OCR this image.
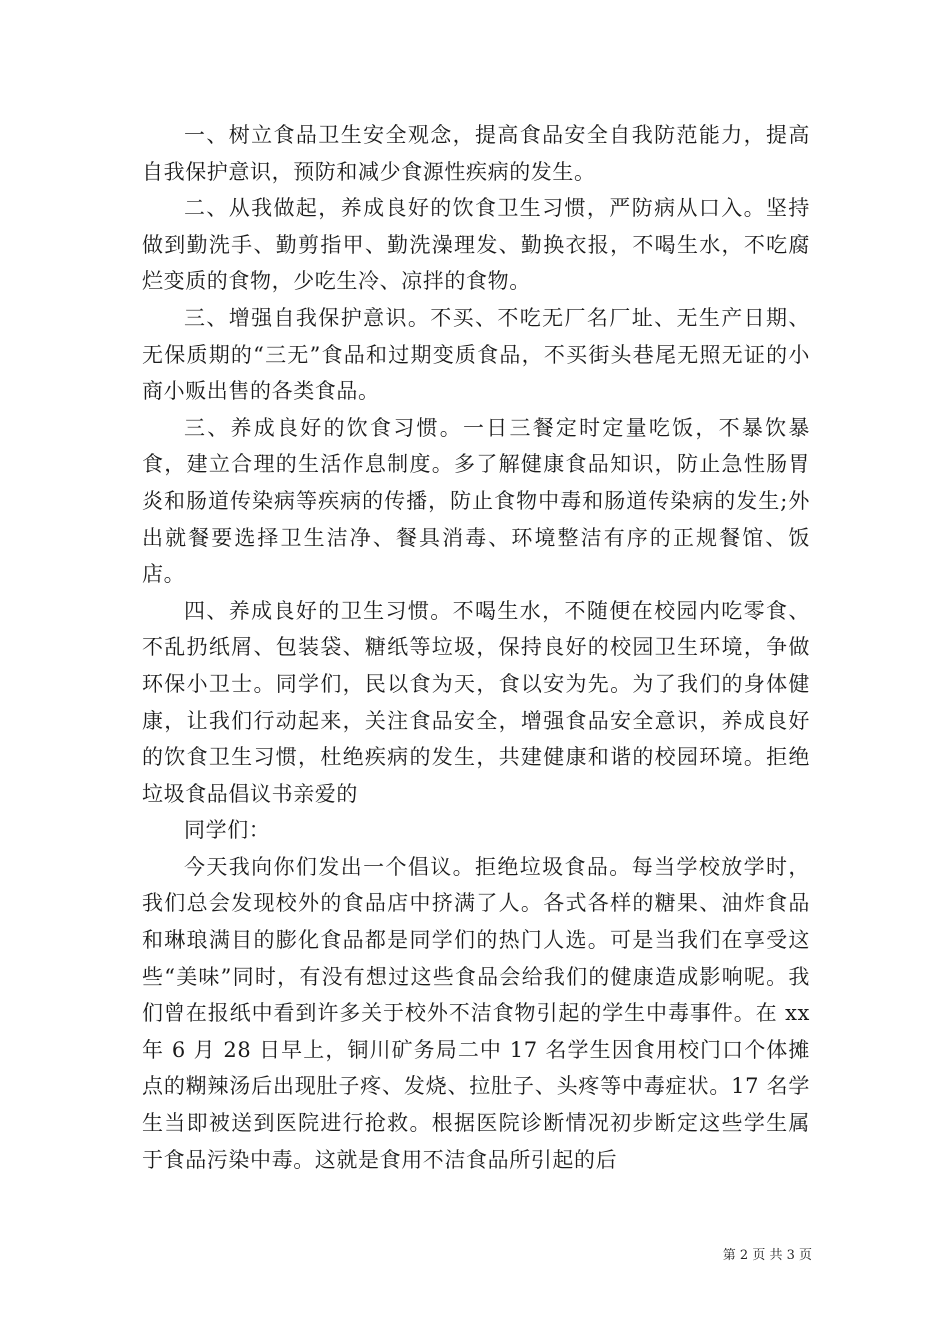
一、树立食品卫生安全观念，提高食品安全自我防范能力，提高自我保护意识，预防和减少食源性疾病的发生。

二、从我做起，养成良好的饮食卫生习惯，严防病从口入。坚持做到勤洗手、勤剪指甲、勤洗澡理发、勤换衣报，不喝生水，不吃腐烂变质的食物，少吃生冷、凉拌的食物。

三、增强自我保护意识。不买、不吃无厂名厂址、无生产日期、无保质期的“三无”食品和过期变质食品，不买街头巷尾无照无证的小商小贩出售的各类食品。

三、养成良好的饮食习惯。一日三餐定时定量吃饭，不暴饮暴食，建立合理的生活作息制度。多了解健康食品知识，防止急性肠胃炎和肠道传染病等疾病的传播，防止食物中毒和肠道传染病的发生;外出就餐要选择卫生洁净、餐具消毒、环境整洁有序的正规餐馆、饭店。

四、养成良好的卫生习惯。不喝生水，不随便在校园内吃零食、不乱扔纸屑、包装袋、糖纸等垃圾，保持良好的校园卫生环境，争做环保小卫士。同学们，民以食为天，食以安为先。为了我们的身体健康，让我们行动起来，关注食品安全，增强食品安全意识，养成良好的饮食卫生习惯，杜绝疾病的发生，共建健康和谐的校园环境。拒绝垃圾食品倡议书亲爱的

同学们：

今天我向你们发出一个倡议。拒绝垃圾食品。每当学校放学时，我们总会发现校外的食品店中挤满了人。各式各样的糖果、油炸食品和琳琅满目的膨化食品都是同学们的热门人选。可是当我们在享受这些“美味”同时，有没有想过这些食品会给我们的健康造成影响呢。我们曾在报纸中看到许多关于校外不洁食物引起的学生中毒事件。在 xx 年 6 月 28 日早上，铜川矿务局二中 17 名学生因食用校门口个体摊点的糊辣汤后出现肚子疼、发烧、拉肚子、头疼等中毒症状。17 名学生当即被送到医院进行抢救。根据医院诊断情况初步断定这些学生属于食品污染中毒。这就是食用不洁食品所引起的后

第 2 页 共 3 页
